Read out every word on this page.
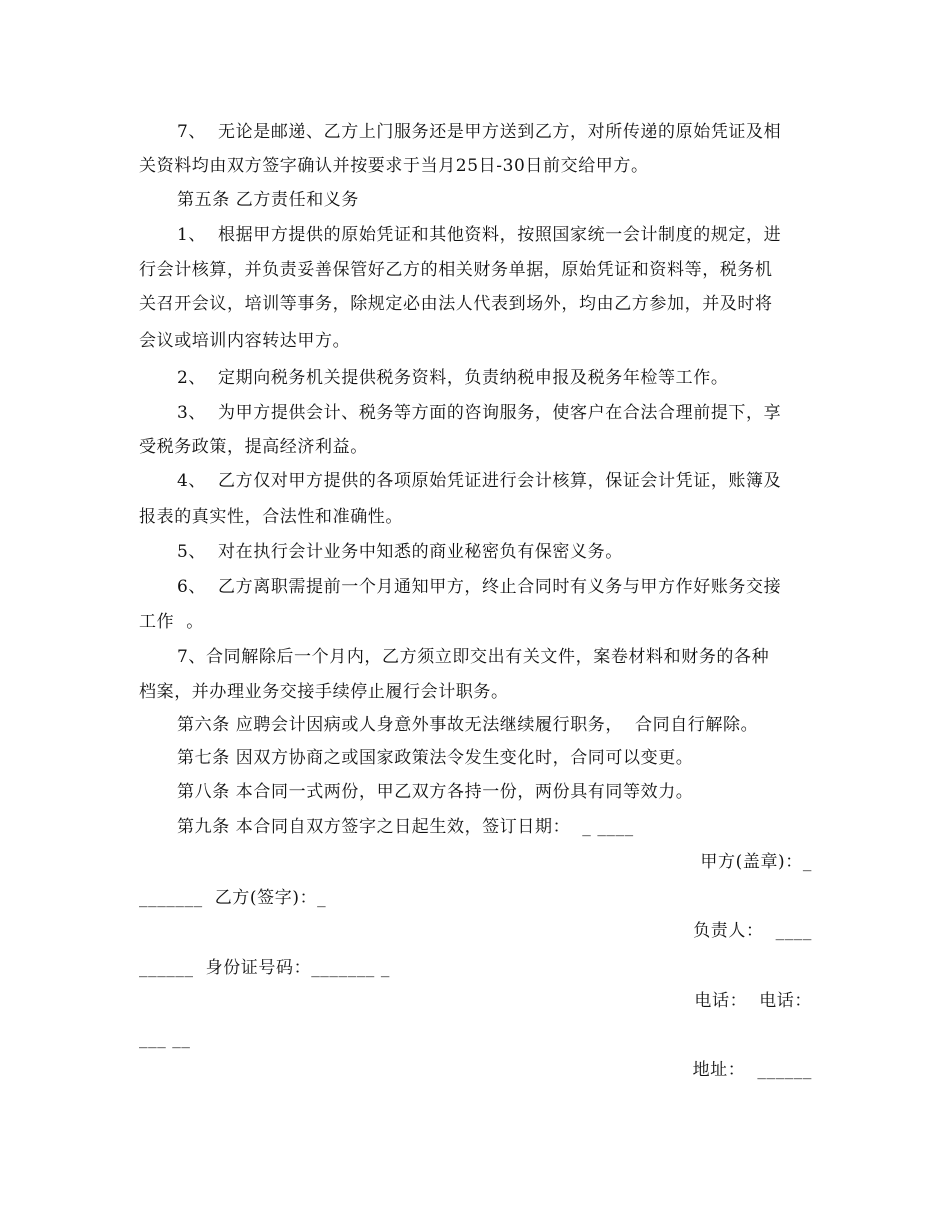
7、  无论是邮递、乙方上门服务还是甲方送到乙方，对所传递的原始凭证及相
关资料均由双方签字确认并按要求于当月25日-30日前交给甲方。
第五条 乙方责任和义务
1、  根据甲方提供的原始凭证和其他资料，按照国家统一会计制度的规定，进
行会计核算，并负责妥善保管好乙方的相关财务单据，原始凭证和资料等，税务机
关召开会议，培训等事务，除规定必由法人代表到场外，均由乙方参加，并及时将
会议或培训内容转达甲方。
2、  定期向税务机关提供税务资料，负责纳税申报及税务年检等工作。
3、  为甲方提供会计、税务等方面的咨询服务，使客户在合法合理前提下，享
受税务政策，提高经济利益。
4、  乙方仅对甲方提供的各项原始凭证进行会计核算，保证会计凭证，账簿及
报表的真实性，合法性和准确性。
5、  对在执行会计业务中知悉的商业秘密负有保密义务。
6、  乙方离职需提前一个月通知甲方，终止合同时有义务与甲方作好账务交接
工作  。
7、合同解除后一个月内，乙方须立即交出有关文件，案卷材料和财务的各种
档案，并办理业务交接手续停止履行会计职务。
第六条 应聘会计因病或人身意外事故无法继续履行职务，  合同自行解除。
第七条 因双方协商之或国家政策法令发生变化时，合同可以变更。
第八条 本合同一式两份，甲乙双方各持一份，两份具有同等效力。
第九条 本合同自双方签字之日起生效，签订日期：  _ ____
甲方(盖章)：_
_______  乙方(签字)：_
负责人：  ____
______  身份证号码：_______ _
电话：  电话：
___ __
地址：  ______
